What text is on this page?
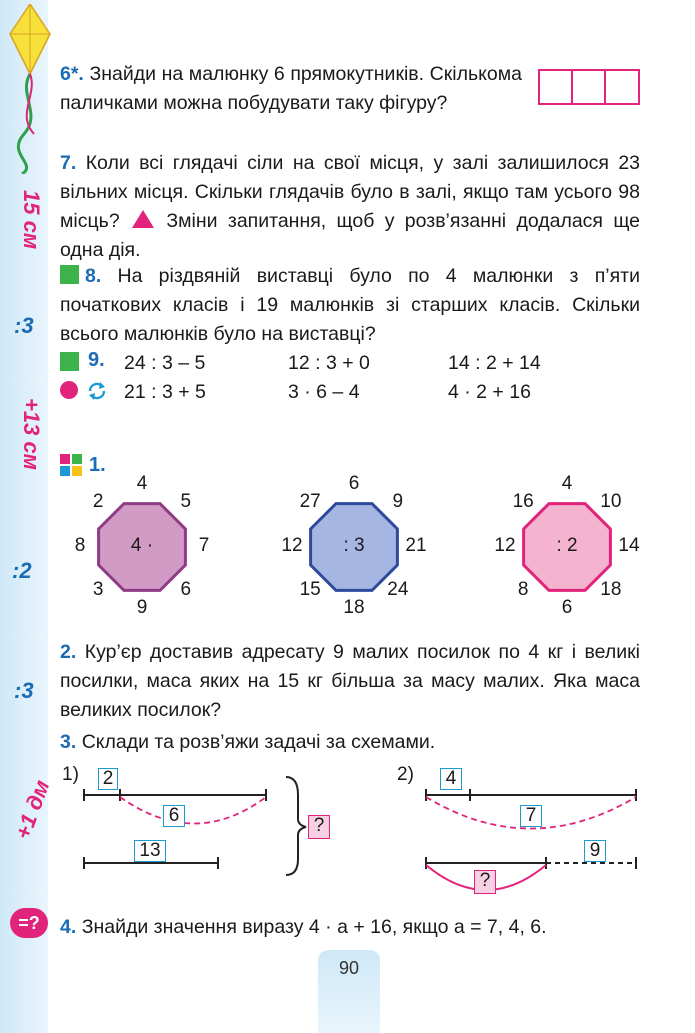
15 см
:3
+13 см
:2
:3
+1 дм
=?
6*. Знайди на малюнку 6 прямокутників. Скількома паличками можна побудувати таку фігуру?
7. Коли всі глядачі сіли на свої місця, у залі залишилося 23 вільних місця. Скільки глядачів було в залі, якщо там усього 98 місць? Зміни запитання, щоб у розв’язанні додалася ще одна дія.
8. На різдвяній виставці було по 4 малюнки з п’яти початкових класів і 19 малюнків зі старших класів. Скільки всього малюнків було на виставці?
9. 24 : 3 – 5	12 : 3 + 0	14 : 2 + 14
21 : 3 + 5	3 · 6 – 4	4 · 2 + 16
1.
2. Кур’єр доставив адресату 9 малих посилок по 4 кг і великі посилки, маса яких на 15 кг більша за масу малих. Яка маса великих посилок?
3. Склади та розв’яжи задачі за схемами.
1) 2
6
13
?
2)	4
7
9
?
4. Знайди значення виразу 4 · а + 16, якщо а = 7, 4, 6.
90
4 ·
4
5
7
6
9
3
8
2
: 3
6
9
21
24
18
15
12
27
: 2
4
10
14
18
6
8
12
16
